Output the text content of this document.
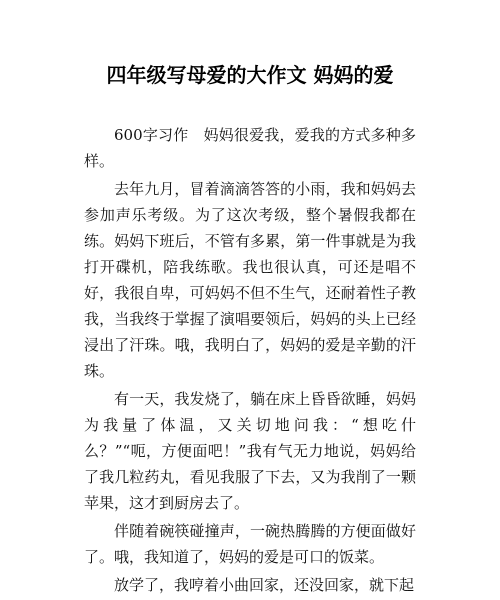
四年级写母爱的大作文 妈妈的爱

600字习作　妈妈很爱我，爱我的方式多种多样。

去年九月，冒着滴滴答答的小雨，我和妈妈去参加声乐考级。为了这次考级，整个暑假我都在练。妈妈下班后，不管有多累，第一件事就是为我打开碟机，陪我练歌。我也很认真，可还是唱不好，我很自卑，可妈妈不但不生气，还耐着性子教我，当我终于掌握了演唱要领后，妈妈的头上已经浸出了汗珠。哦，我明白了，妈妈的爱是辛勤的汗珠。

有一天，我发烧了，躺在床上昏昏欲睡，妈妈为我量了体温，又关切地问我：“想吃什么？”“呃，方便面吧！”我有气无力地说，妈妈给了我几粒药丸，看见我服了下去，又为我削了一颗苹果，这才到厨房去了。

伴随着碗筷碰撞声，一碗热腾腾的方便面做好了。哦，我知道了，妈妈的爱是可口的饭菜。

放学了，我哼着小曲回家，还没回家，就下起
